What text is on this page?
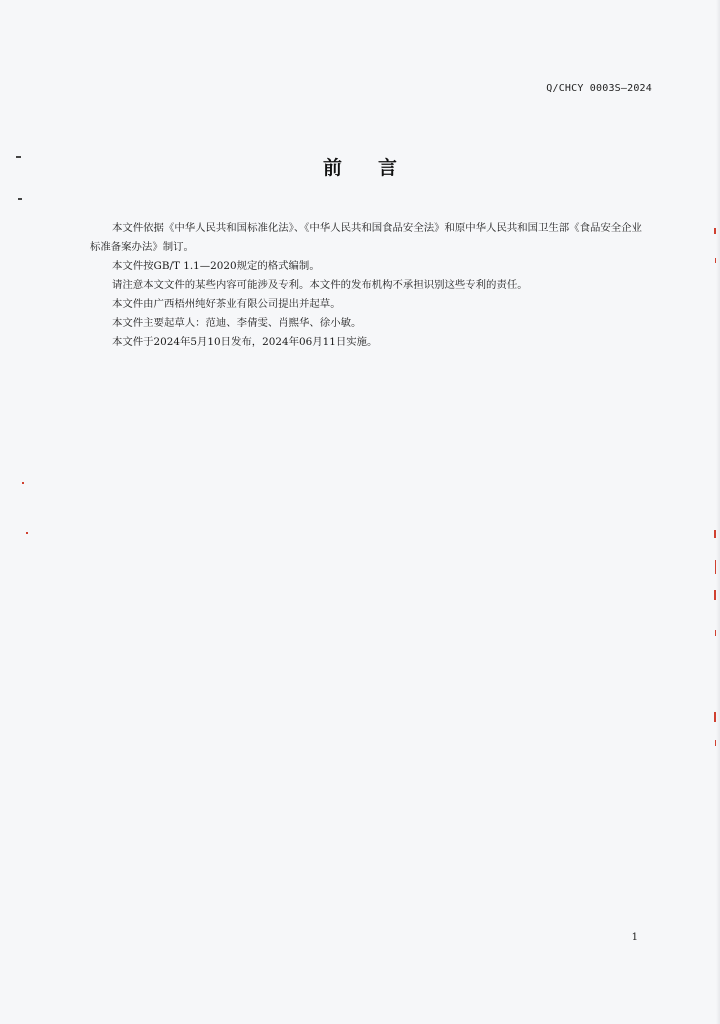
Q/CHCY 0003S—2024
前 言

本文件依据《中华人民共和国标准化法》、《中华人民共和国食品安全法》和原中华人民共和国卫生部《食品安全企业标准备案办法》制订。

本文件按GB/T 1.1—2020规定的格式编制。

请注意本文文件的某些内容可能涉及专利。本文件的发布机构不承担识别这些专利的责任。

本文件由广西梧州纯好茶业有限公司提出并起草。

本文件主要起草人：范迪、李倩雯、肖熙华、徐小敏。

本文件于2024年5月10日发布，2024年06月11日实施。

1
